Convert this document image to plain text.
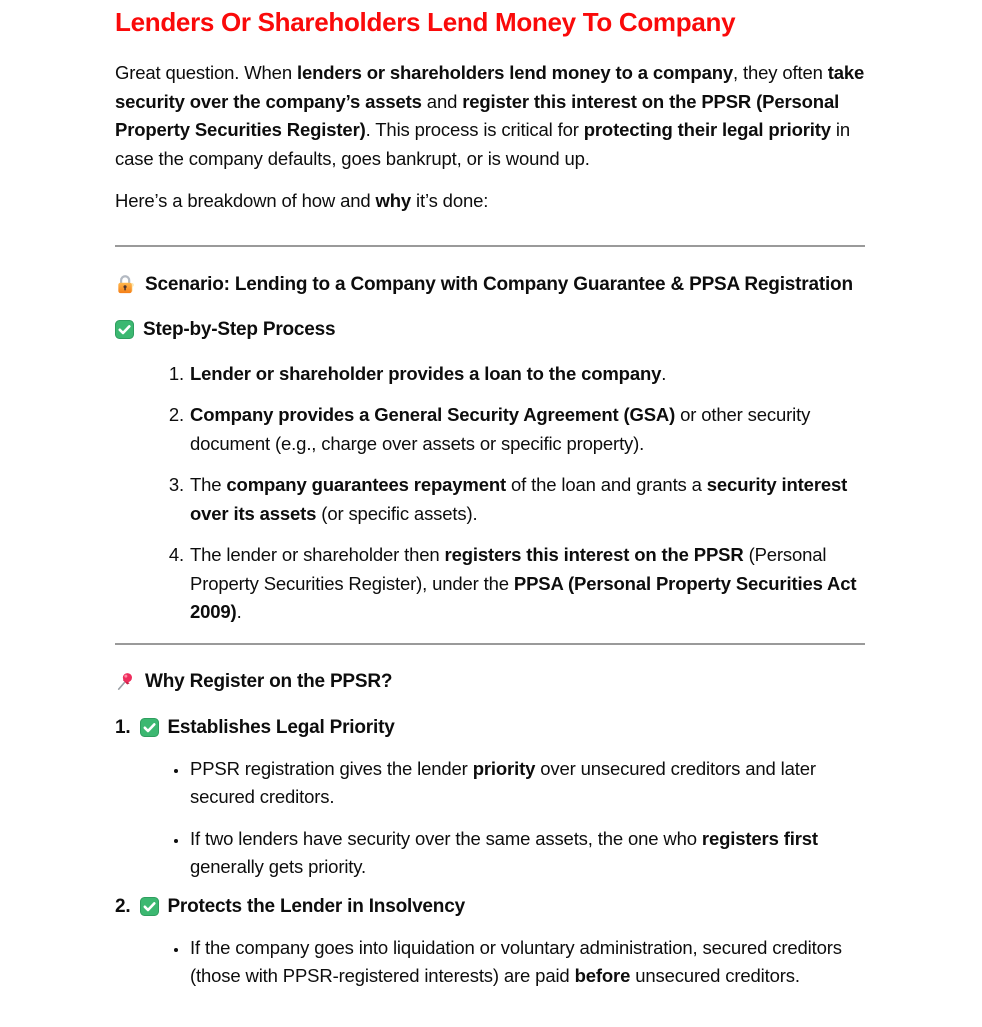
Lenders Or Shareholders Lend Money To Company

Great question. When lenders or shareholders lend money to a company, they often take security over the company’s assets and register this interest on the PPSR (Personal Property Securities Register). This process is critical for protecting their legal priority in case the company defaults, goes bankrupt, or is wound up.

Here’s a breakdown of how and why it’s done:

Scenario: Lending to a Company with Company Guarantee & PPSA Registration
Step-by-Step Process
1. Lender or shareholder provides a loan to the company.
2. Company provides a General Security Agreement (GSA) or other security document (e.g., charge over assets or specific property).
3. The company guarantees repayment of the loan and grants a security interest over its assets (or specific assets).
4. The lender or shareholder then registers this interest on the PPSR (Personal Property Securities Register), under the PPSA (Personal Property Securities Act 2009).
Why Register on the PPSR?
1. Establishes Legal Priority
• PPSR registration gives the lender priority over unsecured creditors and later secured creditors.
• If two lenders have security over the same assets, the one who registers first generally gets priority.
2. Protects the Lender in Insolvency
• If the company goes into liquidation or voluntary administration, secured creditors (those with PPSR-registered interests) are paid before unsecured creditors.
